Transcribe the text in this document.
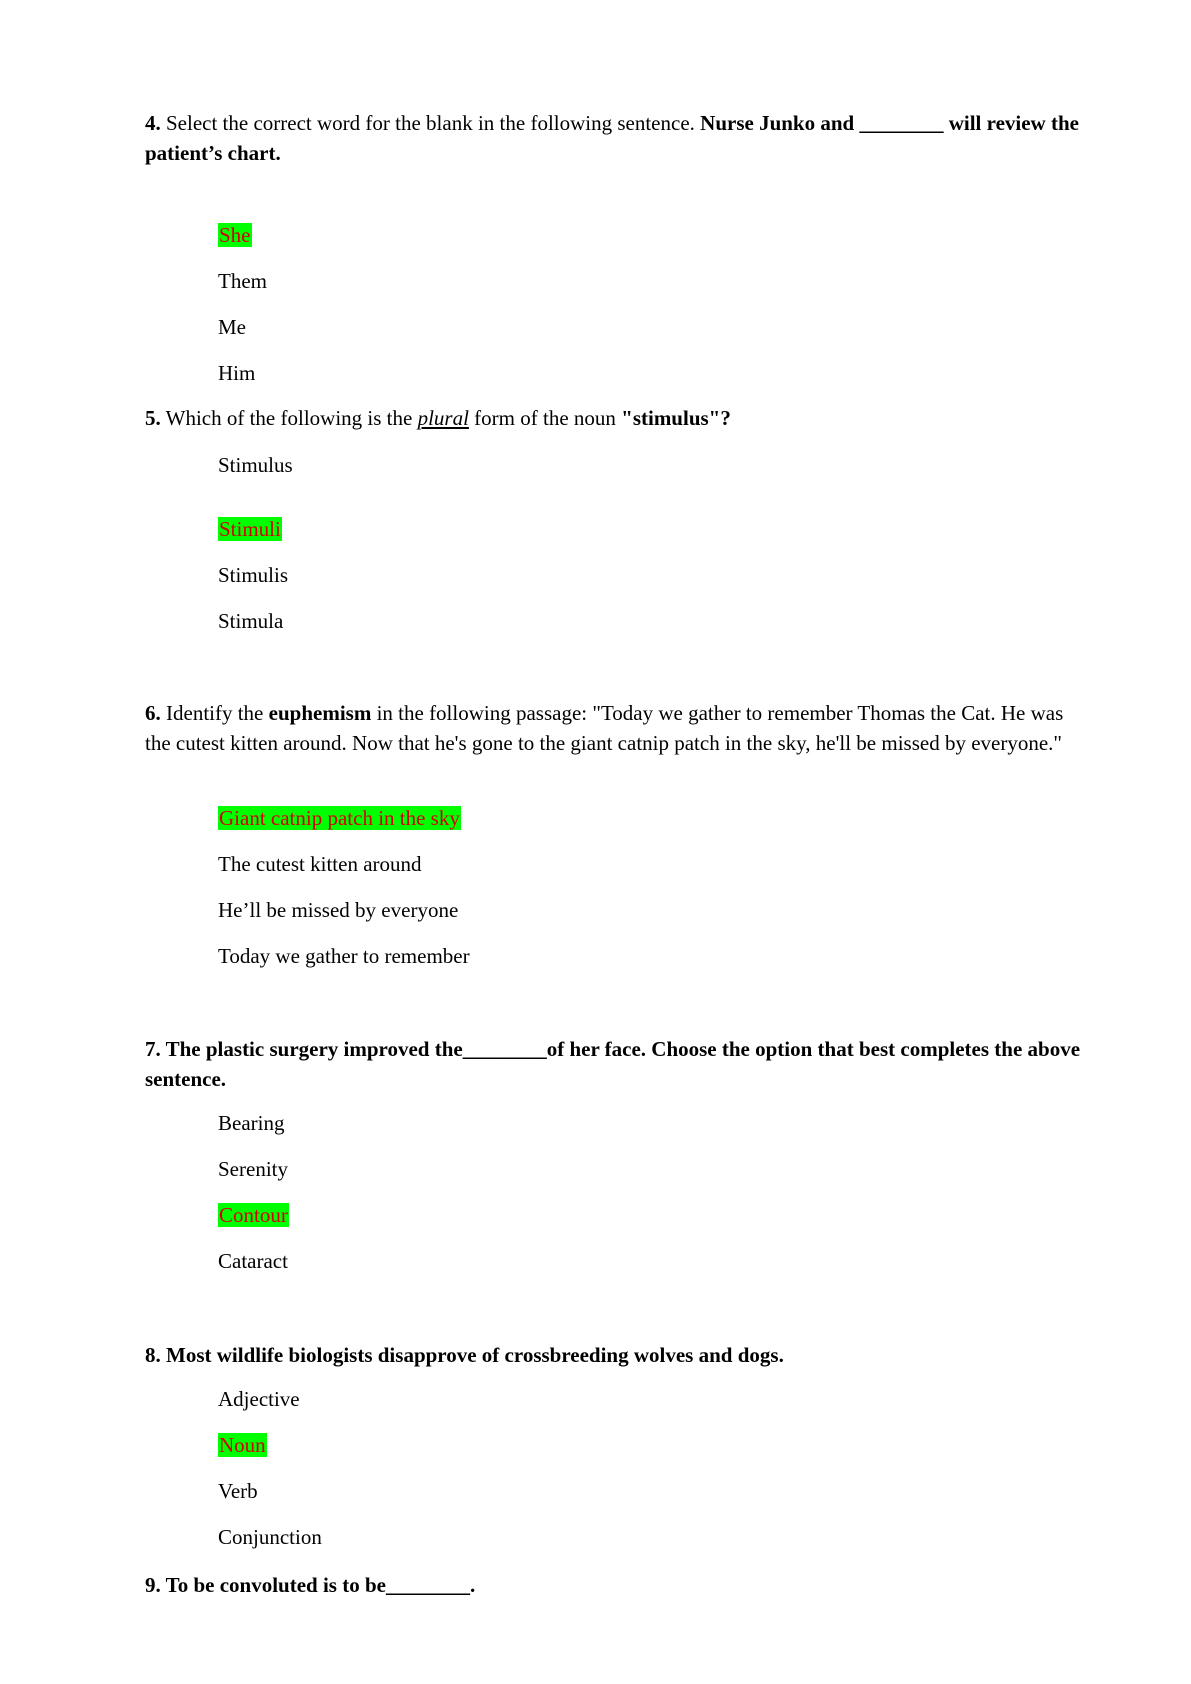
4. Select the correct word for the blank in the following sentence. Nurse Junko and ________ will review the patient’s chart.

She
Them
Me
Him

5. Which of the following is the plural form of the noun "stimulus"?

Stimulus
Stimuli
Stimulis
Stimula

6. Identify the euphemism in the following passage: "Today we gather to remember Thomas the Cat. He was the cutest kitten around. Now that he's gone to the giant catnip patch in the sky, he'll be missed by everyone."

Giant catnip patch in the sky
The cutest kitten around
He’ll be missed by everyone
Today we gather to remember

7. The plastic surgery improved the________of her face. Choose the option that best completes the above sentence.

Bearing
Serenity
Contour
Cataract

8. Most wildlife biologists disapprove of crossbreeding wolves and dogs.

Adjective
Noun
Verb
Conjunction

9. To be convoluted is to be________.
